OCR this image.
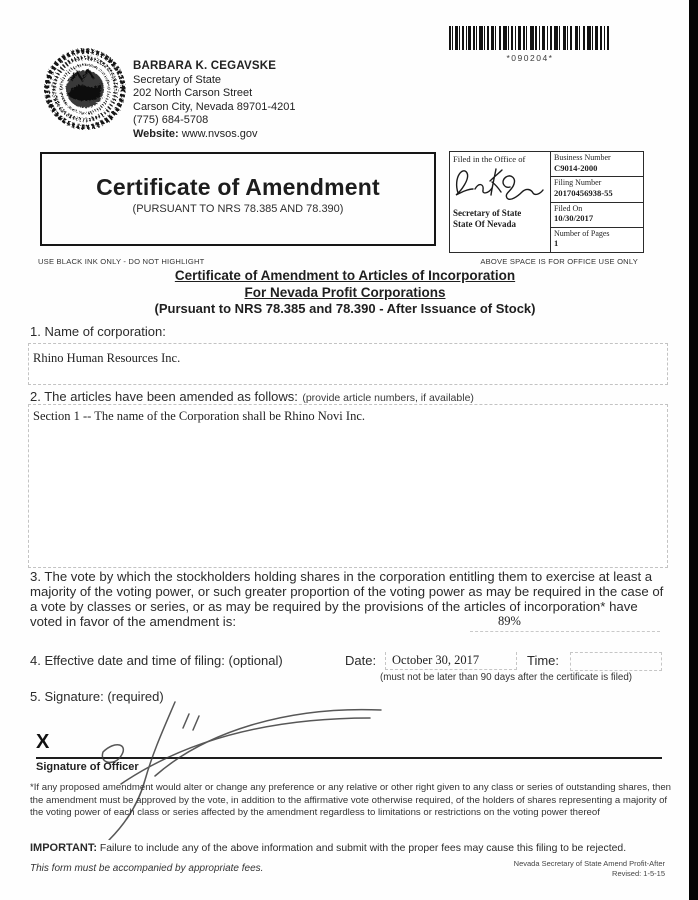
BARBARA K. CEGAVSKE
Secretary of State
202 North Carson Street
Carson City, Nevada 89701-4201
(775) 684-5708
Website: www.nvsos.gov
*090204*
Certificate of Amendment
(PURSUANT TO NRS 78.385 AND 78.390)
Filed in the Office of
Secretary of State
State Of Nevada
Business Number
C9014-2000
Filing Number
20170456938-55
Filed On
10/30/2017
Number of Pages
1
USE BLACK INK ONLY - DO NOT HIGHLIGHT	ABOVE SPACE IS FOR OFFICE USE ONLY
Certificate of Amendment to Articles of Incorporation
For Nevada Profit Corporations
(Pursuant to NRS 78.385 and 78.390 - After Issuance of Stock)
1. Name of corporation:
Rhino Human Resources Inc.
2. The articles have been amended as follows: (provide article numbers, if available)
Section 1 -- The name of the Corporation shall be Rhino Novi Inc.
3. The vote by which the stockholders holding shares in the corporation entitling them to exercise at least a majority of the voting power, or such greater proportion of the voting power as may be required in the case of a vote by classes or series, or as may be required by the provisions of the articles of incorporation* have voted in favor of the amendment is:	89%
4. Effective date and time of filing: (optional)	Date:	October 30, 2017	Time:
(must not be later than 90 days after the certificate is filed)
5. Signature: (required)
X
Signature of Officer
*If any proposed amendment would alter or change any preference or any relative or other right given to any class or series of outstanding shares, then the amendment must be approved by the vote, in addition to the affirmative vote otherwise required, of the holders of shares representing a majority of the voting power of each class or series affected by the amendment regardless to limitations or restrictions on the voting power thereof
IMPORTANT: Failure to include any of the above information and submit with the proper fees may cause this filing to be rejected.
This form must be accompanied by appropriate fees.	Nevada Secretary of State Amend Profit-After
Revised: 1-5-15
